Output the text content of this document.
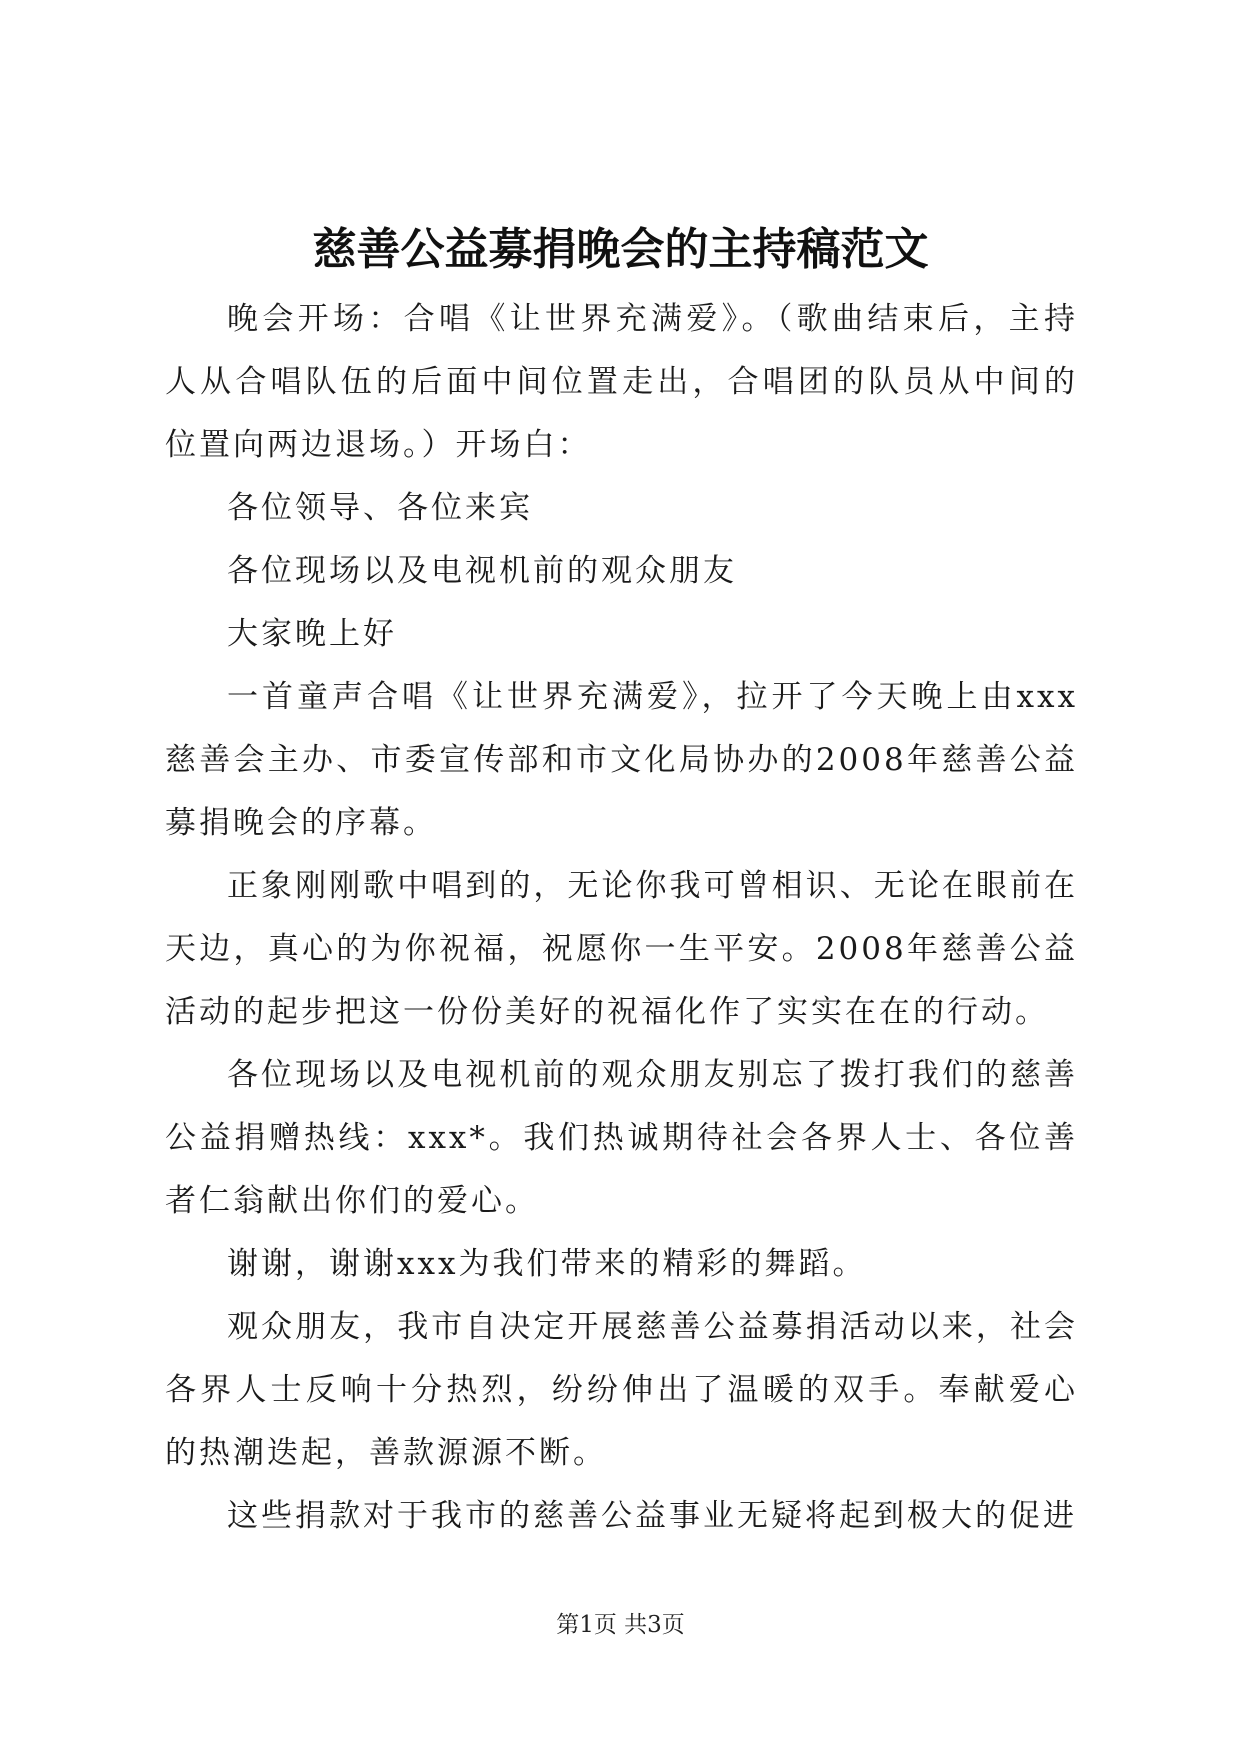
慈善公益募捐晚会的主持稿范文

晚会开场：合唱《让世界充满爱》。（歌曲结束后，主持人从合唱队伍的后面中间位置走出，合唱团的队员从中间的位置向两边退场。）开场白：

各位领导、各位来宾

各位现场以及电视机前的观众朋友

大家晚上好

一首童声合唱《让世界充满爱》，拉开了今天晚上由xxx慈善会主办、市委宣传部和市文化局协办的2008年慈善公益募捐晚会的序幕。

正象刚刚歌中唱到的，无论你我可曾相识、无论在眼前在天边，真心的为你祝福，祝愿你一生平安。2008年慈善公益活动的起步把这一份份美好的祝福化作了实实在在的行动。

各位现场以及电视机前的观众朋友别忘了拨打我们的慈善公益捐赠热线：xxx*。我们热诚期待社会各界人士、各位善者仁翁献出你们的爱心。

谢谢，谢谢xxx为我们带来的精彩的舞蹈。

观众朋友，我市自决定开展慈善公益募捐活动以来，社会各界人士反响十分热烈，纷纷伸出了温暖的双手。奉献爱心的热潮迭起，善款源源不断。

这些捐款对于我市的慈善公益事业无疑将起到极大的促进

第1页 共3页
